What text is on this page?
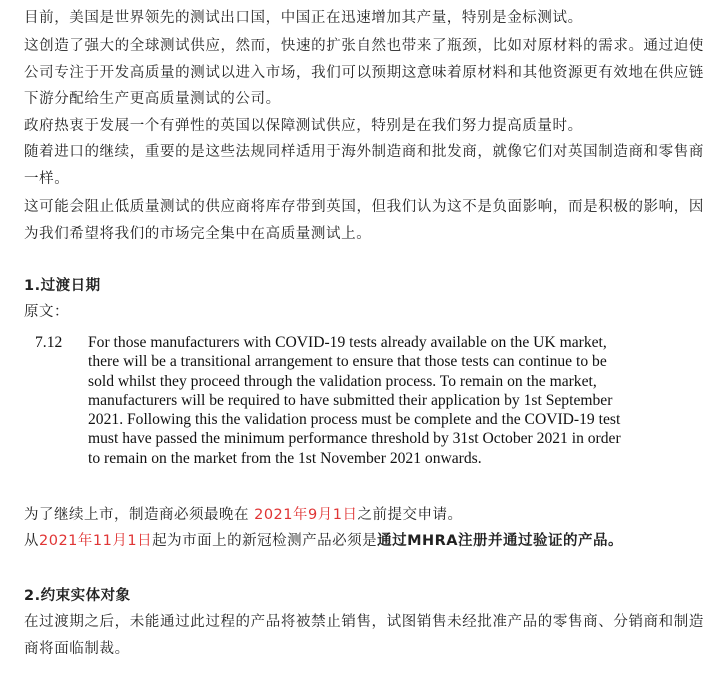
目前，美国是世界领先的测试出口国，中国正在迅速增加其产量，特别是金标测试。

这创造了强大的全球测试供应，然而，快速的扩张自然也带来了瓶颈，比如对原材料的需求。通过迫使公司专注于开发高质量的测试以进入市场，我们可以预期这意味着原材料和其他资源更有效地在供应链下游分配给生产更高质量测试的公司。

政府热衷于发展一个有弹性的英国以保障测试供应，特别是在我们努力提高质量时。

随着进口的继续，重要的是这些法规同样适用于海外制造商和批发商，就像它们对英国制造商和零售商一样。

这可能会阻止低质量测试的供应商将库存带到英国，但我们认为这不是负面影响，而是积极的影响，因为我们希望将我们的市场完全集中在高质量测试上。

1.过渡日期

原文：

7.12 For those manufacturers with COVID-19 tests already available on the UK market,
there will be a transitional arrangement to ensure that those tests can continue to be
sold whilst they proceed through the validation process. To remain on the market,
manufacturers will be required to have submitted their application by 1st September
2021. Following this the validation process must be complete and the COVID-19 test
must have passed the minimum performance threshold by 31st October 2021 in order
to remain on the market from the 1st November 2021 onwards.

为了继续上市，制造商必须最晚在 2021年9月1日之前提交申请。

从2021年11月1日起为市面上的新冠检测产品必须是通过MHRA注册并通过验证的产品。

2.约束实体对象

在过渡期之后，未能通过此过程的产品将被禁止销售，试图销售未经批准产品的零售商、分销商和制造商将面临制裁。
